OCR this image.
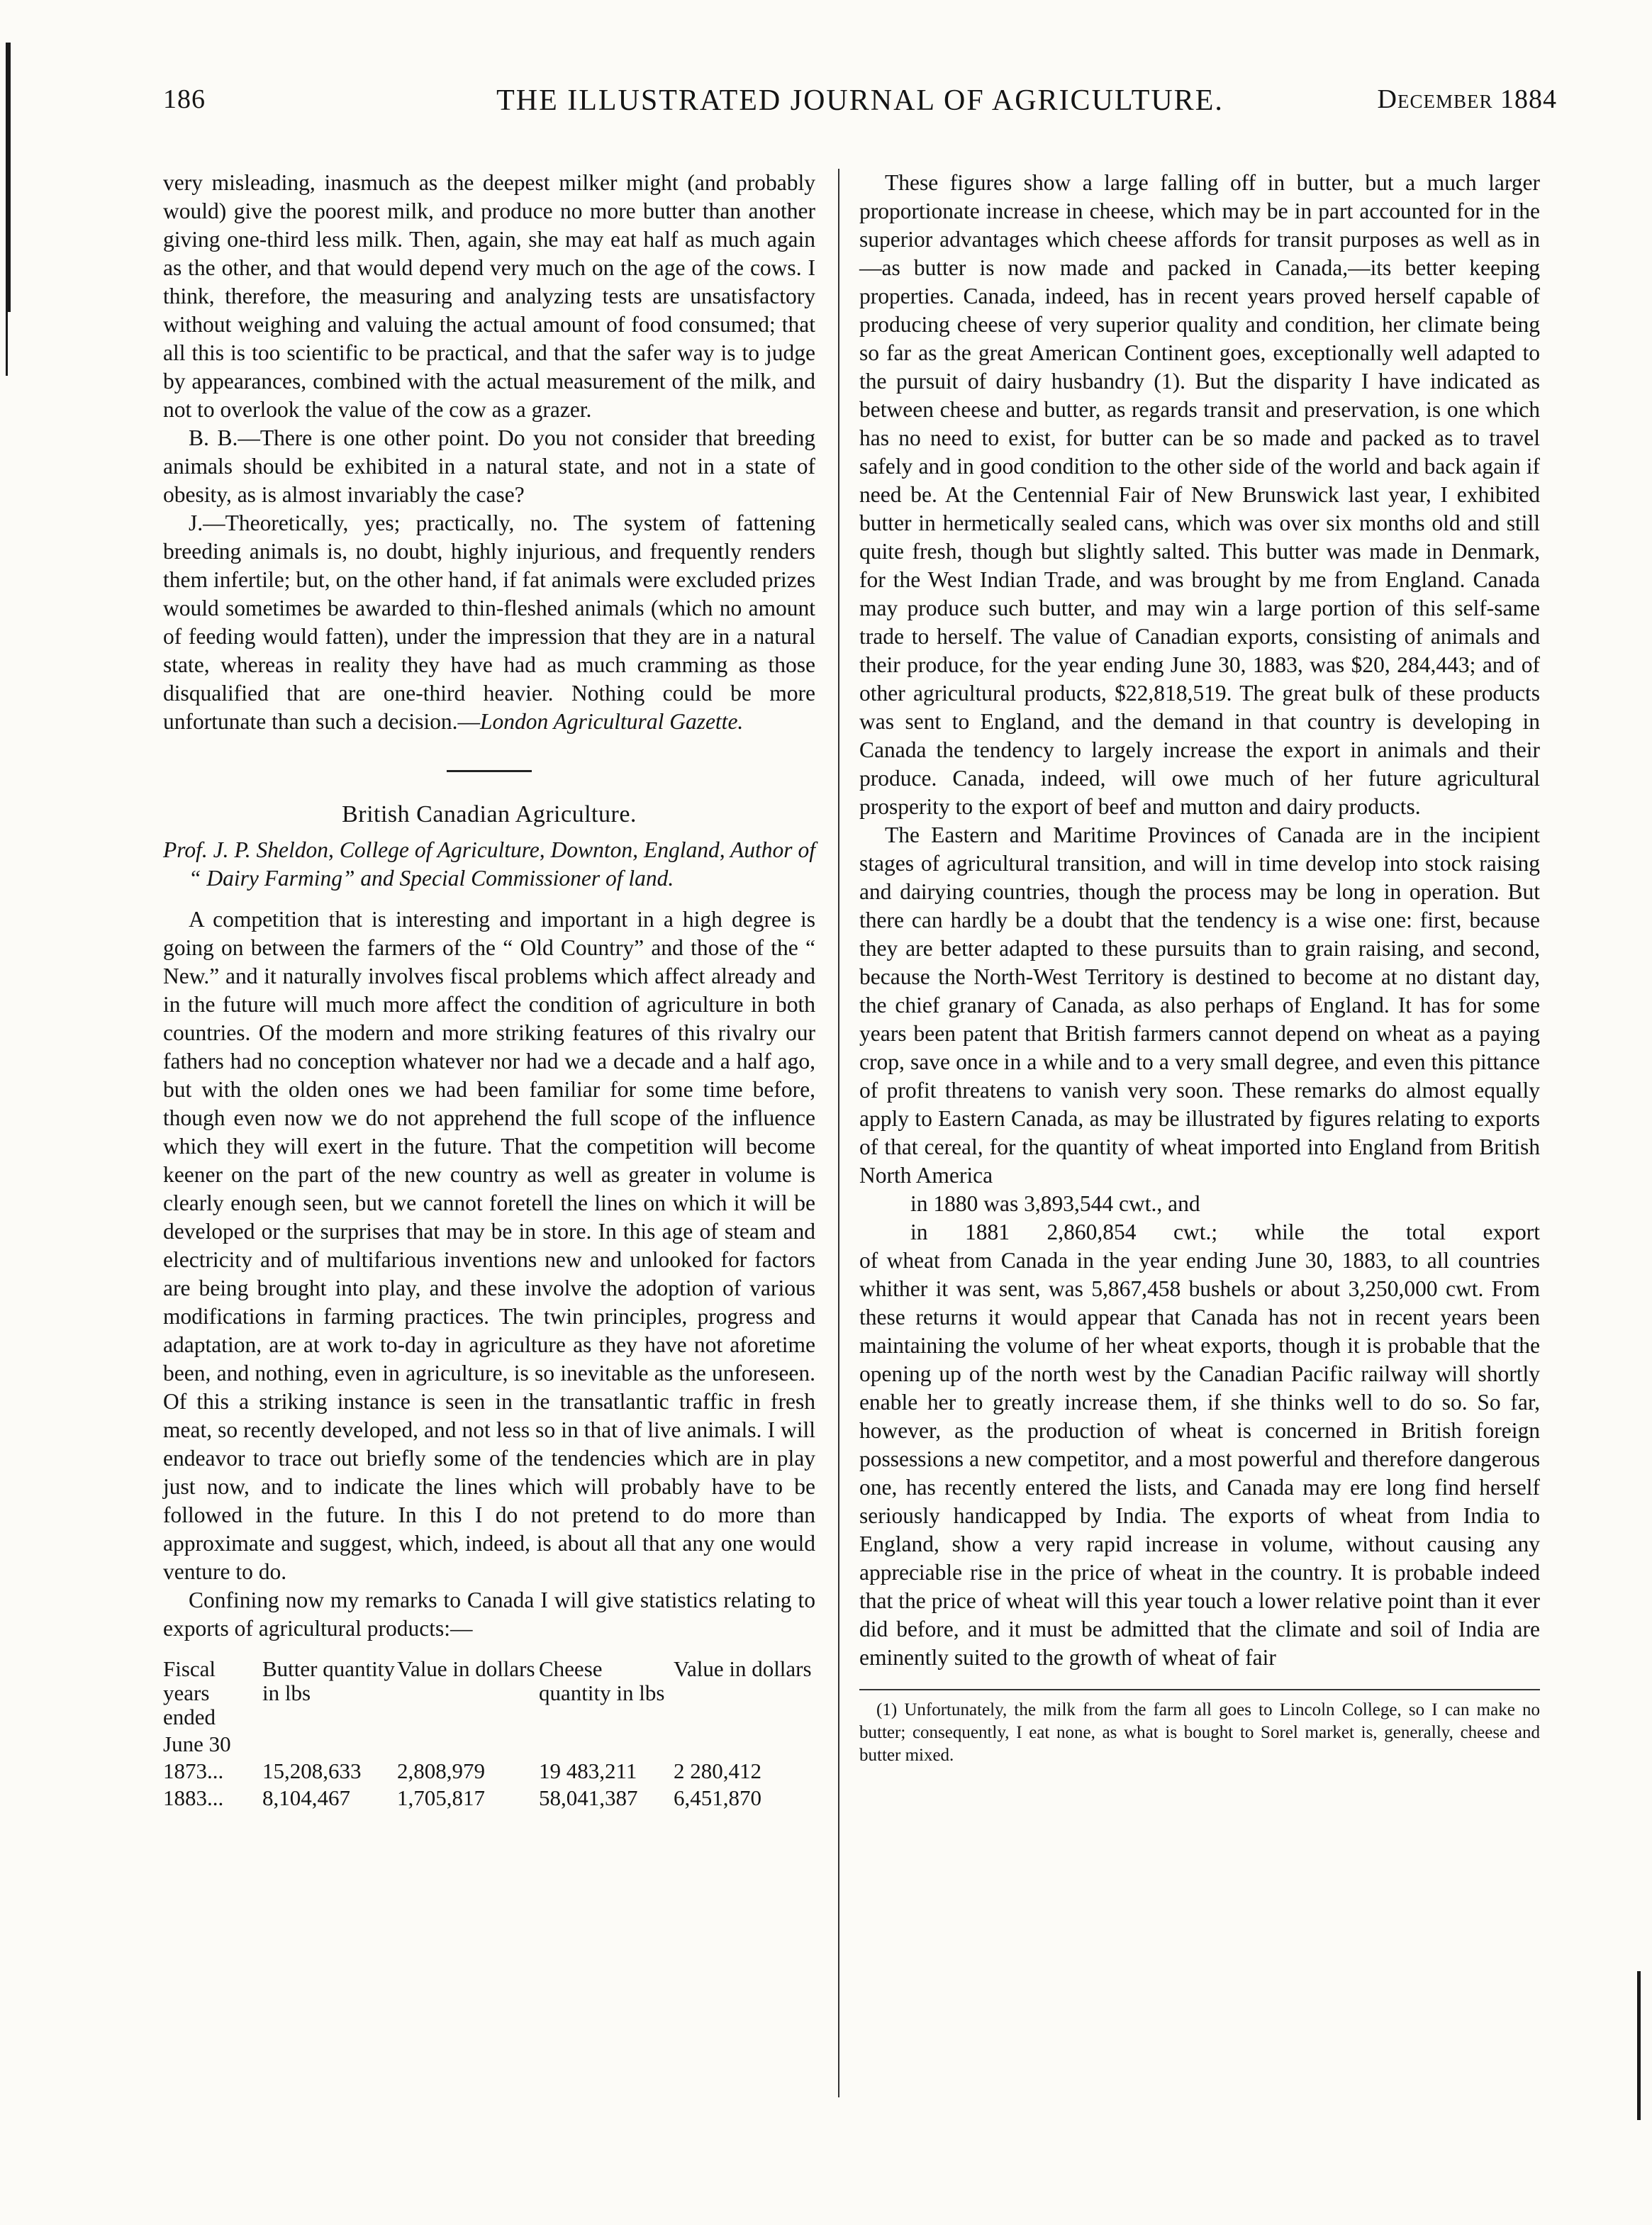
186	THE ILLUSTRATED JOURNAL OF AGRICULTURE.	December 1884

very misleading, inasmuch as the deepest milker might (and probably would) give the poorest milk, and produce no more butter than another giving one-third less milk. Then, again, she may eat half as much again as the other, and that would depend very much on the age of the cows. I think, therefore, the measuring and analyzing tests are unsatisfactory without weighing and valuing the actual amount of food consumed; that all this is too scientific to be practical, and that the safer way is to judge by appearances, combined with the actual measurement of the milk, and not to overlook the value of the cow as a grazer.

B. B.—There is one other point. Do you not consider that breeding animals should be exhibited in a natural state, and not in a state of obesity, as is almost invariably the case?

J.—Theoretically, yes; practically, no. The system of fattening breeding animals is, no doubt, highly injurious, and frequently renders them infertile; but, on the other hand, if fat animals were excluded prizes would sometimes be awarded to thin-fleshed animals (which no amount of feeding would fatten), under the impression that they are in a natural state, whereas in reality they have had as much cramming as those disqualified that are one-third heavier. Nothing could be more unfortunate than such a decision.—London Agricultural Gazette.

British Canadian Agriculture.

Prof. J. P. Sheldon, College of Agriculture, Downton, England, Author of “ Dairy Farming” and Special Commissioner of land.

A competition that is interesting and important in a high degree is going on between the farmers of the “ Old Country” and those of the “ New.” and it naturally involves fiscal problems which affect already and in the future will much more affect the condition of agriculture in both countries. Of the modern and more striking features of this rivalry our fathers had no conception whatever nor had we a decade and a half ago, but with the olden ones we had been familiar for some time before, though even now we do not apprehend the full scope of the influence which they will exert in the future. That the competition will become keener on the part of the new country as well as greater in volume is clearly enough seen, but we cannot foretell the lines on which it will be developed or the surprises that may be in store. In this age of steam and electricity and of multifarious inventions new and unlooked for factors are being brought into play, and these involve the adoption of various modifications in farming practices. The twin principles, progress and adaptation, are at work to-day in agriculture as they have not aforetime been, and nothing, even in agriculture, is so inevitable as the unforeseen. Of this a striking instance is seen in the transatlantic traffic in fresh meat, so recently developed, and not less so in that of live animals. I will endeavor to trace out briefly some of the tendencies which are in play just now, and to indicate the lines which will probably have to be followed in the future. In this I do not pretend to do more than approximate and suggest, which, indeed, is about all that any one would venture to do.

Confining now my remarks to Canada I will give statistics relating to exports of agricultural products:—

Fiscal years ended	Butter quantity in lbs	Value in dollars	Cheese quantity in lbs	Value in dollars
June 30				
1873...	15,208,633	2,808,979	19 483,211	2 280,412
1883...	8,104,467	1,705,817	58,041,387	6,451,870

These figures show a large falling off in butter, but a much larger proportionate increase in cheese, which may be in part accounted for in the superior advantages which cheese affords for transit purposes as well as in—as butter is now made and packed in Canada,—its better keeping properties. Canada, indeed, has in recent years proved herself capable of producing cheese of very superior quality and condition, her climate being so far as the great American Continent goes, exceptionally well adapted to the pursuit of dairy husbandry (1). But the disparity I have indicated as between cheese and butter, as regards transit and preservation, is one which has no need to exist, for butter can be so made and packed as to travel safely and in good condition to the other side of the world and back again if need be. At the Centennial Fair of New Brunswick last year, I exhibited butter in hermetically sealed cans, which was over six months old and still quite fresh, though but slightly salted. This butter was made in Denmark, for the West Indian Trade, and was brought by me from England. Canada may produce such butter, and may win a large portion of this self-same trade to herself. The value of Canadian exports, consisting of animals and their produce, for the year ending June 30, 1883, was $20, 284,443; and of other agricultural products, $22,818,519. The great bulk of these products was sent to England, and the demand in that country is developing in Canada the tendency to largely increase the export in animals and their produce. Canada, indeed, will owe much of her future agricultural prosperity to the export of beef and mutton and dairy products.

The Eastern and Maritime Provinces of Canada are in the incipient stages of agricultural transition, and will in time develop into stock raising and dairying countries, though the process may be long in operation. But there can hardly be a doubt that the tendency is a wise one: first, because they are better adapted to these pursuits than to grain raising, and second, because the North-West Territory is destined to become at no distant day, the chief granary of Canada, as also perhaps of England. It has for some years been patent that British farmers cannot depend on wheat as a paying crop, save once in a while and to a very small degree, and even this pittance of profit threatens to vanish very soon. These remarks do almost equally apply to Eastern Canada, as may be illustrated by figures relating to exports of that cereal, for the quantity of wheat imported into England from British North America

in 1880 was 3,893,544 cwt., and

in 1881 2,860,854 cwt.; while the total export

of wheat from Canada in the year ending June 30, 1883, to all countries whither it was sent, was 5,867,458 bushels or about 3,250,000 cwt. From these returns it would appear that Canada has not in recent years been maintaining the volume of her wheat exports, though it is probable that the opening up of the north west by the Canadian Pacific railway will shortly enable her to greatly increase them, if she thinks well to do so. So far, however, as the production of wheat is concerned in British foreign possessions a new competitor, and a most powerful and therefore dangerous one, has recently entered the lists, and Canada may ere long find herself seriously handicapped by India. The exports of wheat from India to England, show a very rapid increase in volume, without causing any appreciable rise in the price of wheat in the country. It is probable indeed that the price of wheat will this year touch a lower relative point than it ever did before, and it must be admitted that the climate and soil of India are eminently suited to the growth of wheat of fair

(1) Unfortunately, the milk from the farm all goes to Lincoln College, so I can make no butter; consequently, I eat none, as what is bought to Sorel market is, generally, cheese and butter mixed.
